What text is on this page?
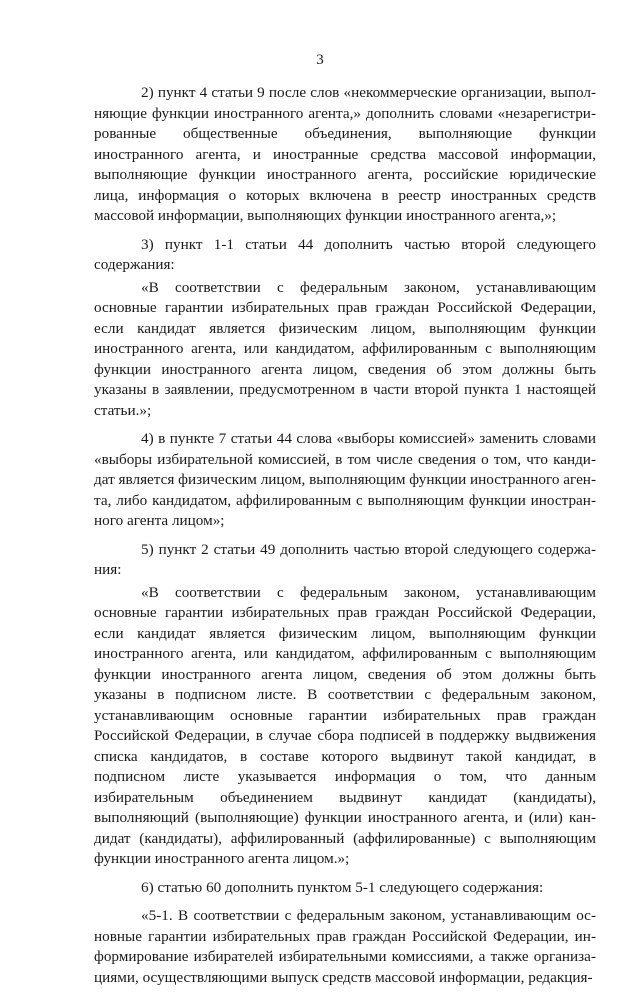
3

2) пункт 4 статьи 9 после слов «некоммерческие организации, выполняющие функции иностранного агента,» дополнить словами «незарегистрированные общественные объединения, выполняющие функции иностранного агента, и иностранные средства массовой информации, выполняющие функции иностранного агента, российские юридические лица, информация о которых включена в реестр иностранных средств массовой информации, выполняющих функции иностранного агента,»;

3) пункт 1-1 статьи 44 дополнить частью второй следующего содержания:

«В соответствии с федеральным законом, устанавливающим основные гарантии избирательных прав граждан Российской Федерации, если кандидат является физическим лицом, выполняющим функции иностранного агента, или кандидатом, аффилированным с выполняющим функции иностранного агента лицом, сведения об этом должны быть указаны в заявлении, предусмотренном в части второй пункта 1 настоящей статьи.»;

4) в пункте 7 статьи 44 слова «выборы комиссией» заменить словами «выборы избирательной комиссией, в том числе сведения о том, что кандидат является физическим лицом, выполняющим функции иностранного агента, либо кандидатом, аффилированным с выполняющим функции иностранного агента лицом»;

5) пункт 2 статьи 49 дополнить частью второй следующего содержания:

«В соответствии с федеральным законом, устанавливающим основные гарантии избирательных прав граждан Российской Федерации, если кандидат является физическим лицом, выполняющим функции иностранного агента, или кандидатом, аффилированным с выполняющим функции иностранного агента лицом, сведения об этом должны быть указаны в подписном листе. В соответствии с федеральным законом, устанавливающим основные гарантии избирательных прав граждан Российской Федерации, в случае сбора подписей в поддержку выдвижения списка кандидатов, в составе которого выдвинут такой кандидат, в подписном листе указывается информация о том, что данным избирательным объединением выдвинут кандидат (кандидаты), выполняющий (выполняющие) функции иностранного агента, и (или) кандидат (кандидаты), аффилированный (аффилированные) с выполняющим функции иностранного агента лицом.»;

6) статью 60 дополнить пунктом 5-1 следующего содержания:

«5-1. В соответствии с федеральным законом, устанавливающим основные гарантии избирательных прав граждан Российской Федерации, информирование избирателей избирательными комиссиями, а также организациями, осуществляющими выпуск средств массовой информации, редакция-
